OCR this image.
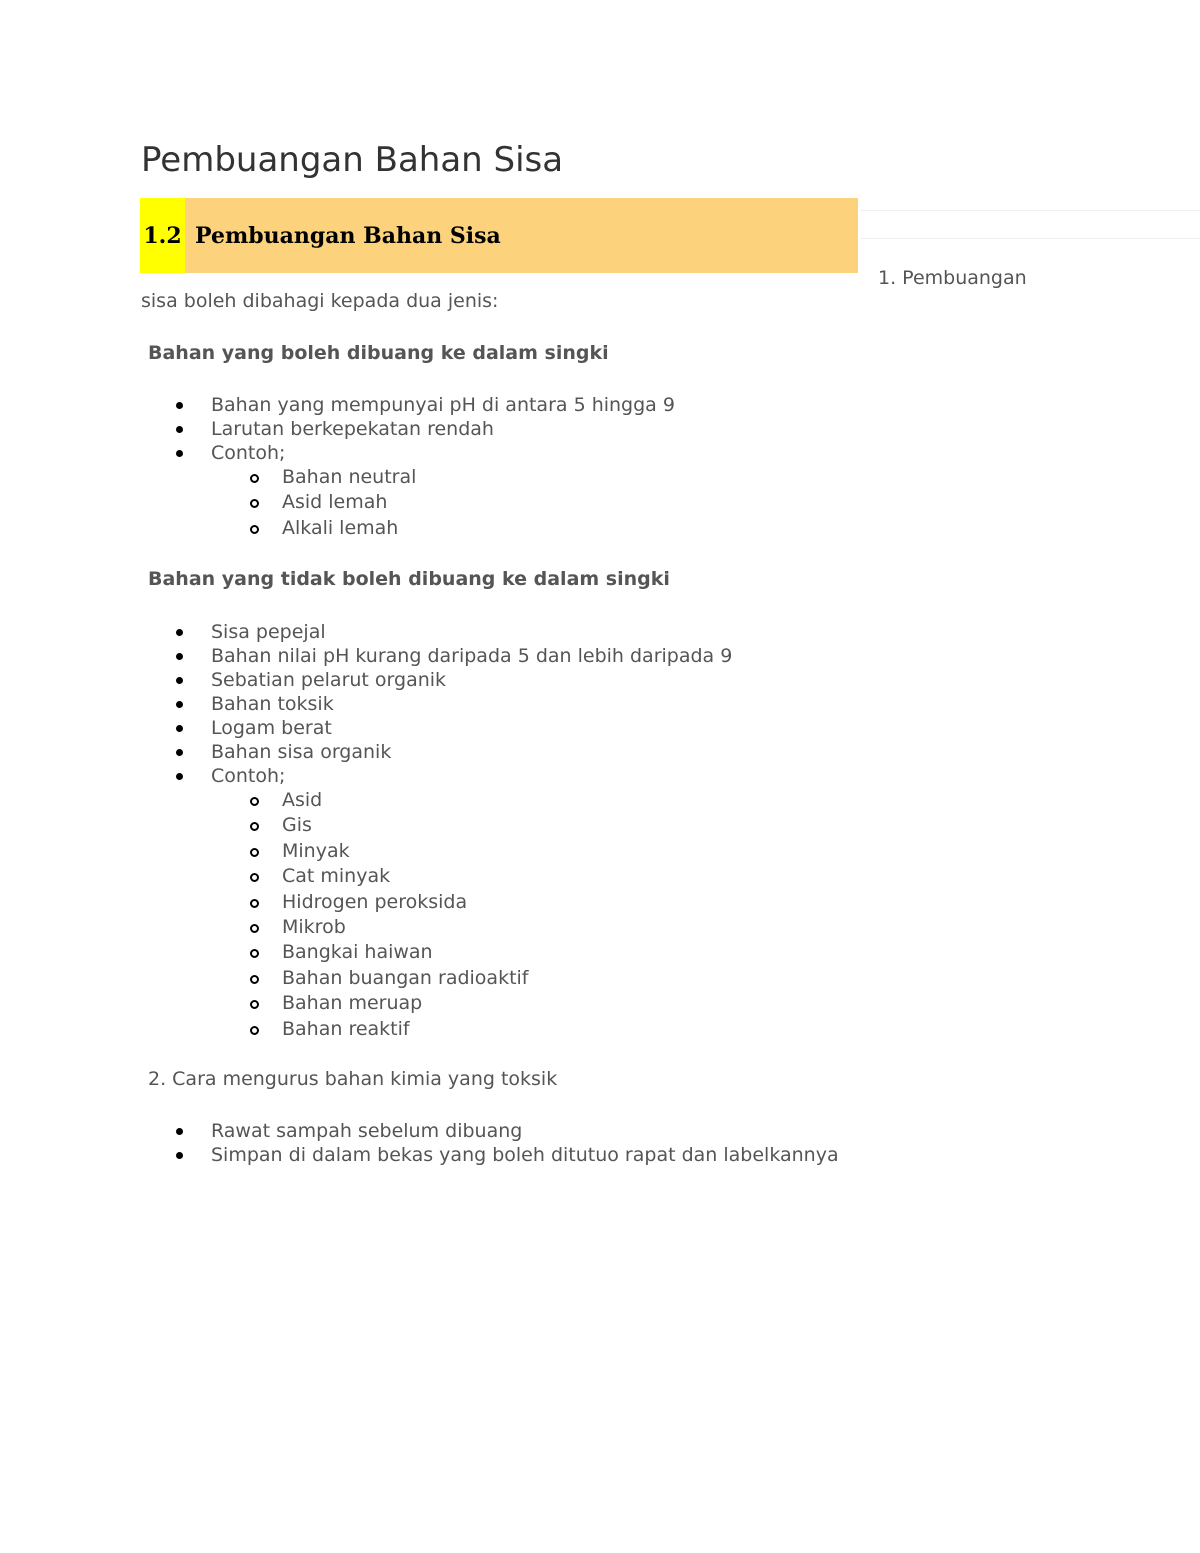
Pembuangan Bahan Sisa
1.2 Pembuangan Bahan Sisa
1. Pembuangan
sisa boleh dibahagi kepada dua jenis:
Bahan yang boleh dibuang ke dalam singki
Bahan yang mempunyai pH di antara 5 hingga 9
Larutan berkepekatan rendah
Contoh;
Bahan neutral
Asid lemah
Alkali lemah
Bahan yang tidak boleh dibuang ke dalam singki
Sisa pepejal
Bahan nilai pH kurang daripada 5 dan lebih daripada 9
Sebatian pelarut organik
Bahan toksik
Logam berat
Bahan sisa organik
Contoh;
Asid
Gis
Minyak
Cat minyak
Hidrogen peroksida
Mikrob
Bangkai haiwan
Bahan buangan radioaktif
Bahan meruap
Bahan reaktif
2. Cara mengurus bahan kimia yang toksik
Rawat sampah sebelum dibuang
Simpan di dalam bekas yang boleh ditutuo rapat dan labelkannya
